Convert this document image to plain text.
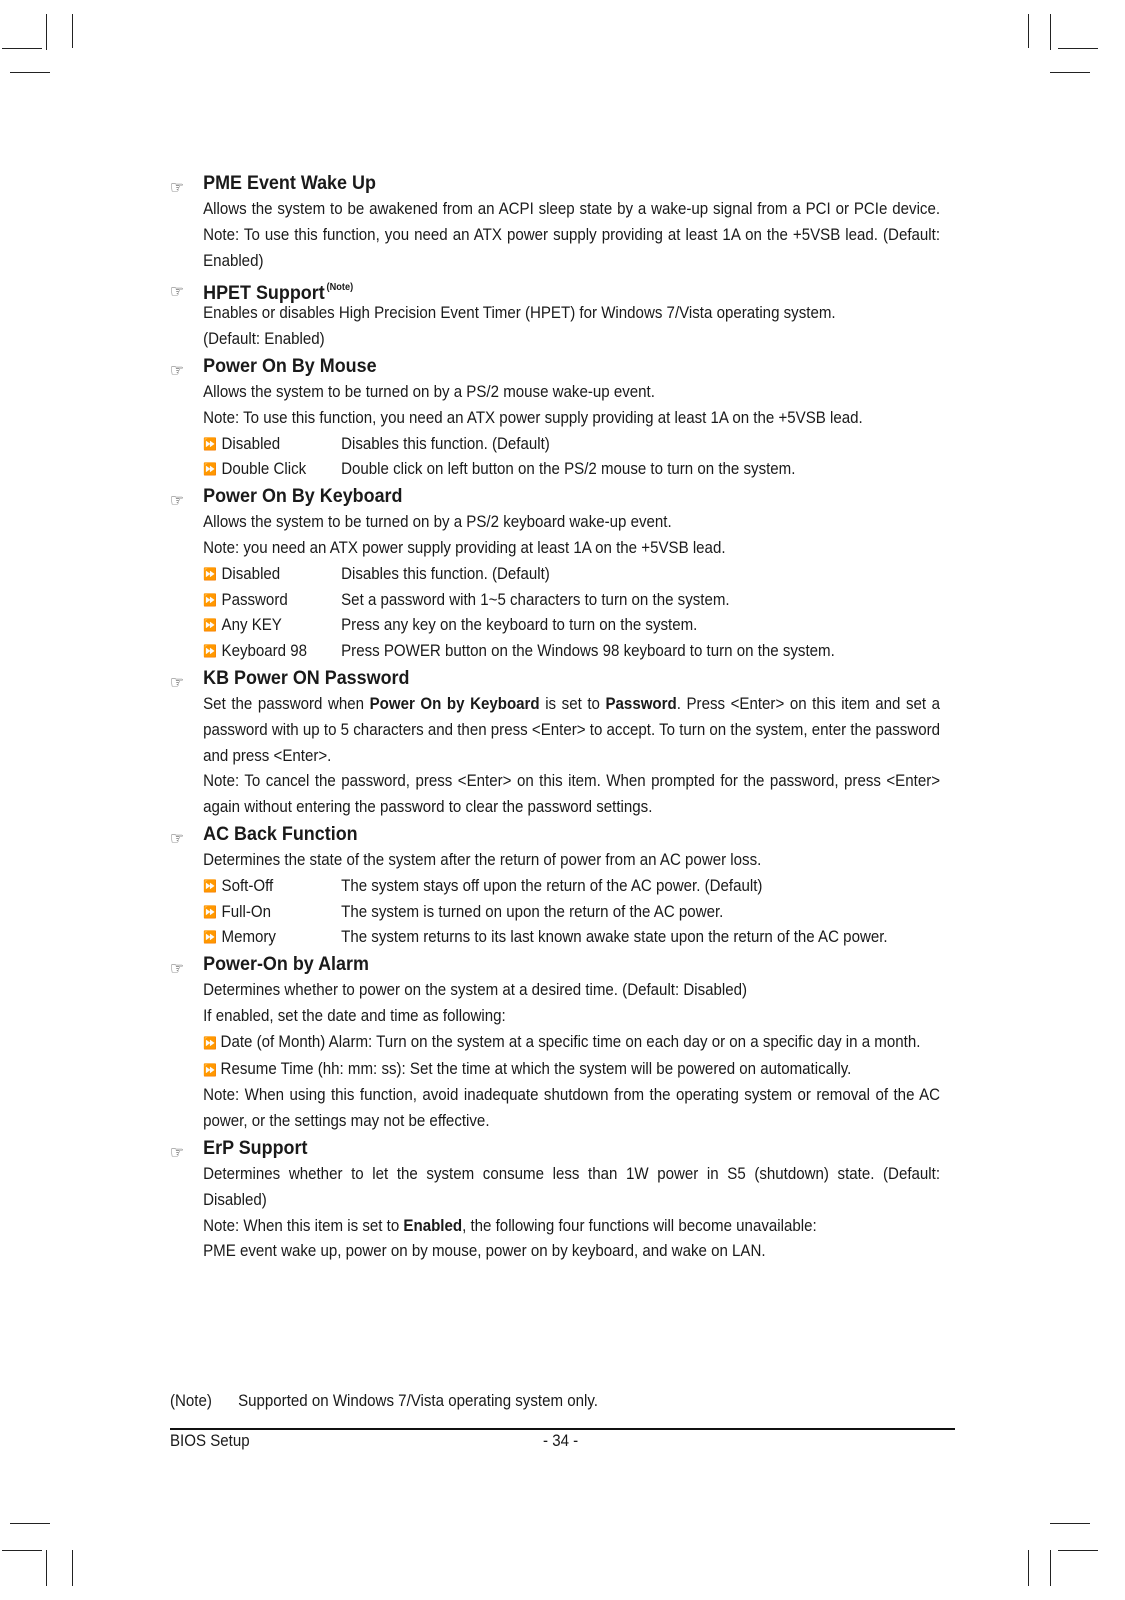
☞ PME Event Wake Up

Allows the system to be awakened from an ACPI sleep state by a wake-up signal from a PCI or PCIe device. Note: To use this function, you need an ATX power supply providing at least 1A on the +5VSB lead. (Default: Enabled)

☞ HPET Support $^{(Note)}$

Enables or disables High Precision Event Timer (HPET) for Windows 7/Vista operating system.

(Default: Enabled)

☞ Power On By Mouse

Allows the system to be turned on by a PS/2 mouse wake-up event.

Note: To use this function, you need an ATX power supply providing at least 1A on the +5VSB lead.

⏩ Disabled	Disables this function. (Default)
⏩ Double Click	Double click on left button on the PS/2 mouse to turn on the system.
☞ Power On By Keyboard

Allows the system to be turned on by a PS/2 keyboard wake-up event.

Note: you need an ATX power supply providing at least 1A on the +5VSB lead.

⏩ Disabled	Disables this function. (Default)
⏩ Password	Set a password with 1~5 characters to turn on the system.
⏩ Any KEY	Press any key on the keyboard to turn on the system.
⏩ Keyboard 98	Press POWER button on the Windows 98 keyboard to turn on the system.
☞ KB Power ON Password

Set the password when Power On by Keyboard is set to Password. Press <Enter> on this item and set a password with up to 5 characters and then press <Enter> to accept. To turn on the system, enter the password and press <Enter>.

Note: To cancel the password, press <Enter> on this item. When prompted for the password, press <Enter> again without entering the password to clear the password settings.

☞ AC Back Function

Determines the state of the system after the return of power from an AC power loss.

⏩ Soft-Off	The system stays off upon the return of the AC power. (Default)
⏩ Full-On	The system is turned on upon the return of the AC power.
⏩ Memory	The system returns to its last known awake state upon the return of the AC power.
☞ Power-On by Alarm

Determines whether to power on the system at a desired time. (Default: Disabled)

If enabled, set the date and time as following:

⏩ Date (of Month) Alarm: Turn on the system at a specific time on each day or on a specific day in a month.

⏩ Resume Time (hh: mm: ss): Set the time at which the system will be powered on automatically.

Note: When using this function, avoid inadequate shutdown from the operating system or removal of the AC power, or the settings may not be effective.

☞ ErP Support

Determines whether to let the system consume less than 1W power in S5 (shutdown) state. (Default: Disabled)

Note: When this item is set to Enabled, the following four functions will become unavailable:

PME event wake up, power on by mouse, power on by keyboard, and wake on LAN.

(Note)	Supported on Windows 7/Vista operating system only.
BIOS Setup	- 34 -
